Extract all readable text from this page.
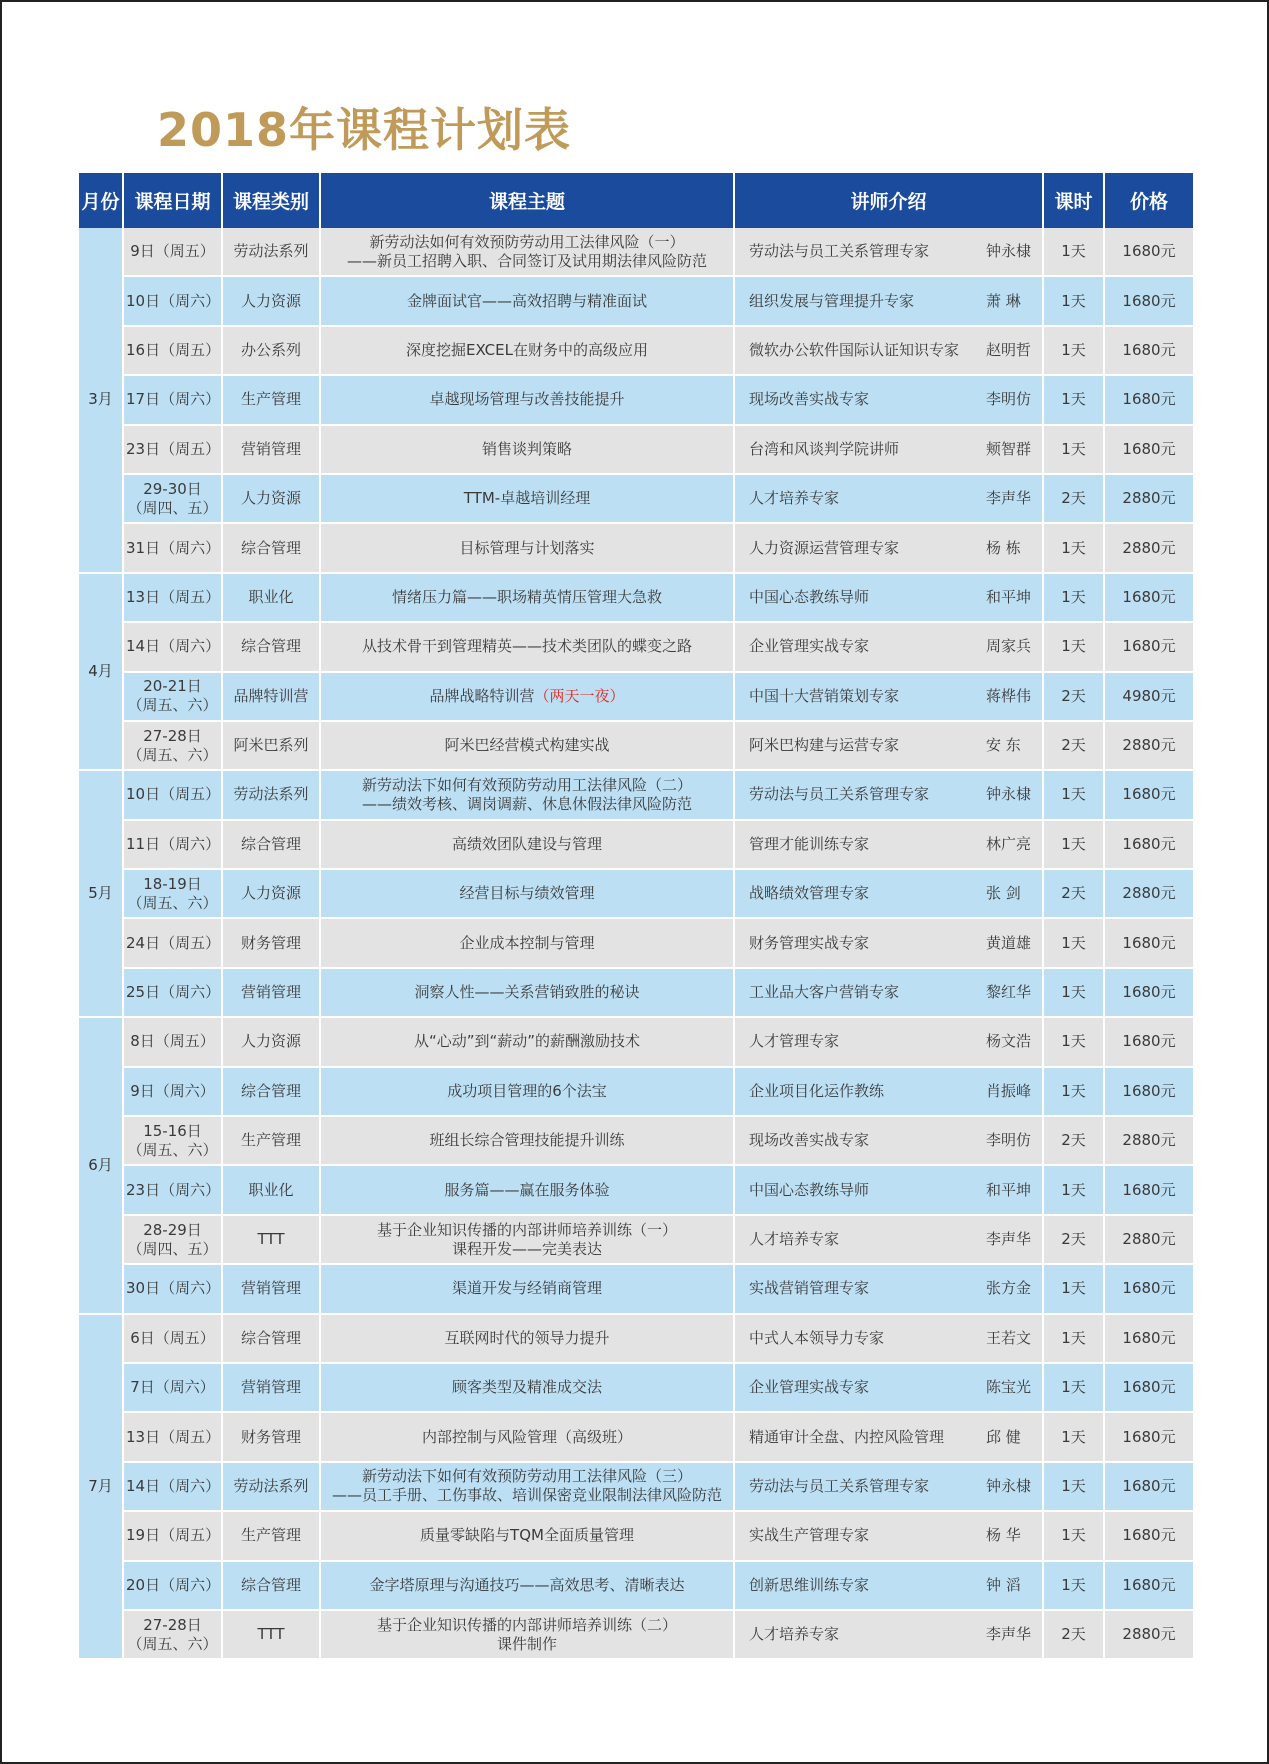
2018年课程计划表
月份	课程日期	课程类别	课程主题	讲师介绍	课时	价格
3月	9日（周五）	劳动法系列	新劳动法如何有效预防劳动用工法律风险（一）
——新员工招聘入职、合同签订及试用期法律风险防范	劳动法与员工关系管理专家 钟永棣	1天	1680元

	10日（周六）	人力资源	金牌面试官——高效招聘与精准面试	组织发展与管理提升专家 萧 琳	1天	1680元

	16日（周五）	办公系列	深度挖掘EXCEL在财务中的高级应用	微软办公软件国际认证知识专家 赵明哲	1天	1680元

	17日（周六）	生产管理	卓越现场管理与改善技能提升	现场改善实战专家 李明仿	1天	1680元

	23日（周五）	营销管理	销售谈判策略	台湾和风谈判学院讲师 颊智群	1天	1680元

	29-30日
（周四、五）	人力资源	TTM-卓越培训经理	人才培养专家 李声华	2天	2880元

	31日（周六）	综合管理	目标管理与计划落实	人力资源运营管理专家 杨 栋	1天	2880元
4月	13日（周五）	职业化	情绪压力篇——职场精英情压管理大急救	中国心态教练导师 和平坤	1天	1680元

	14日（周六）	综合管理	从技术骨干到管理精英——技术类团队的蝶变之路	企业管理实战专家 周家兵	1天	1680元

	20-21日
（周五、六）	品牌特训营	品牌战略特训营（两天一夜）	中国十大营销策划专家 蒋桦伟	2天	4980元

	27-28日
（周五、六）	阿米巴系列	阿米巴经营模式构建实战	阿米巴构建与运营专家 安 东	2天	2880元
5月	10日（周五）	劳动法系列	新劳动法下如何有效预防劳动用工法律风险（二）
——绩效考核、调岗调薪、休息休假法律风险防范	劳动法与员工关系管理专家 钟永棣	1天	1680元

	11日（周六）	综合管理	高绩效团队建设与管理	管理才能训练专家 林广亮	1天	1680元

	18-19日
（周五、六）	人力资源	经营目标与绩效管理	战略绩效管理专家 张 剑	2天	2880元

	24日（周五）	财务管理	企业成本控制与管理	财务管理实战专家 黄道雄	1天	1680元

	25日（周六）	营销管理	洞察人性——关系营销致胜的秘诀	工业品大客户营销专家 黎红华	1天	1680元
6月	8日（周五）	人力资源	从“心动”到“薪动”的薪酬激励技术	人才管理专家 杨文浩	1天	1680元

	9日（周六）	综合管理	成功项目管理的6个法宝	企业项目化运作教练 肖振峰	1天	1680元

	15-16日
（周五、六）	生产管理	班组长综合管理技能提升训练	现场改善实战专家 李明仿	2天	2880元

	23日（周六）	职业化	服务篇——赢在服务体验	中国心态教练导师 和平坤	1天	1680元

	28-29日
（周四、五）	TTT	基于企业知识传播的内部讲师培养训练（一）
课程开发——完美表达	人才培养专家 李声华	2天	2880元

	30日（周六）	营销管理	渠道开发与经销商管理	实战营销管理专家 张方金	1天	1680元
7月	6日（周五）	综合管理	互联网时代的领导力提升	中式人本领导力专家 王若文	1天	1680元

	7日（周六）	营销管理	顾客类型及精准成交法	企业管理实战专家 陈宝光	1天	1680元

	13日（周五）	财务管理	内部控制与风险管理（高级班）	精通审计全盘、内控风险管理 邱 健	1天	1680元

	14日（周六）	劳动法系列	新劳动法下如何有效预防劳动用工法律风险（三）
——员工手册、工伤事故、培训保密竞业限制法律风险防范	劳动法与员工关系管理专家 钟永棣	1天	1680元

	19日（周五）	生产管理	质量零缺陷与TQM全面质量管理	实战生产管理专家 杨 华	1天	1680元

	20日（周六）	综合管理	金字塔原理与沟通技巧——高效思考、清晰表达	创新思维训练专家 钟 滔	1天	1680元

	27-28日
（周五、六）	TTT	基于企业知识传播的内部讲师培养训练（二）
课件制作	人才培养专家 李声华	2天	2880元
